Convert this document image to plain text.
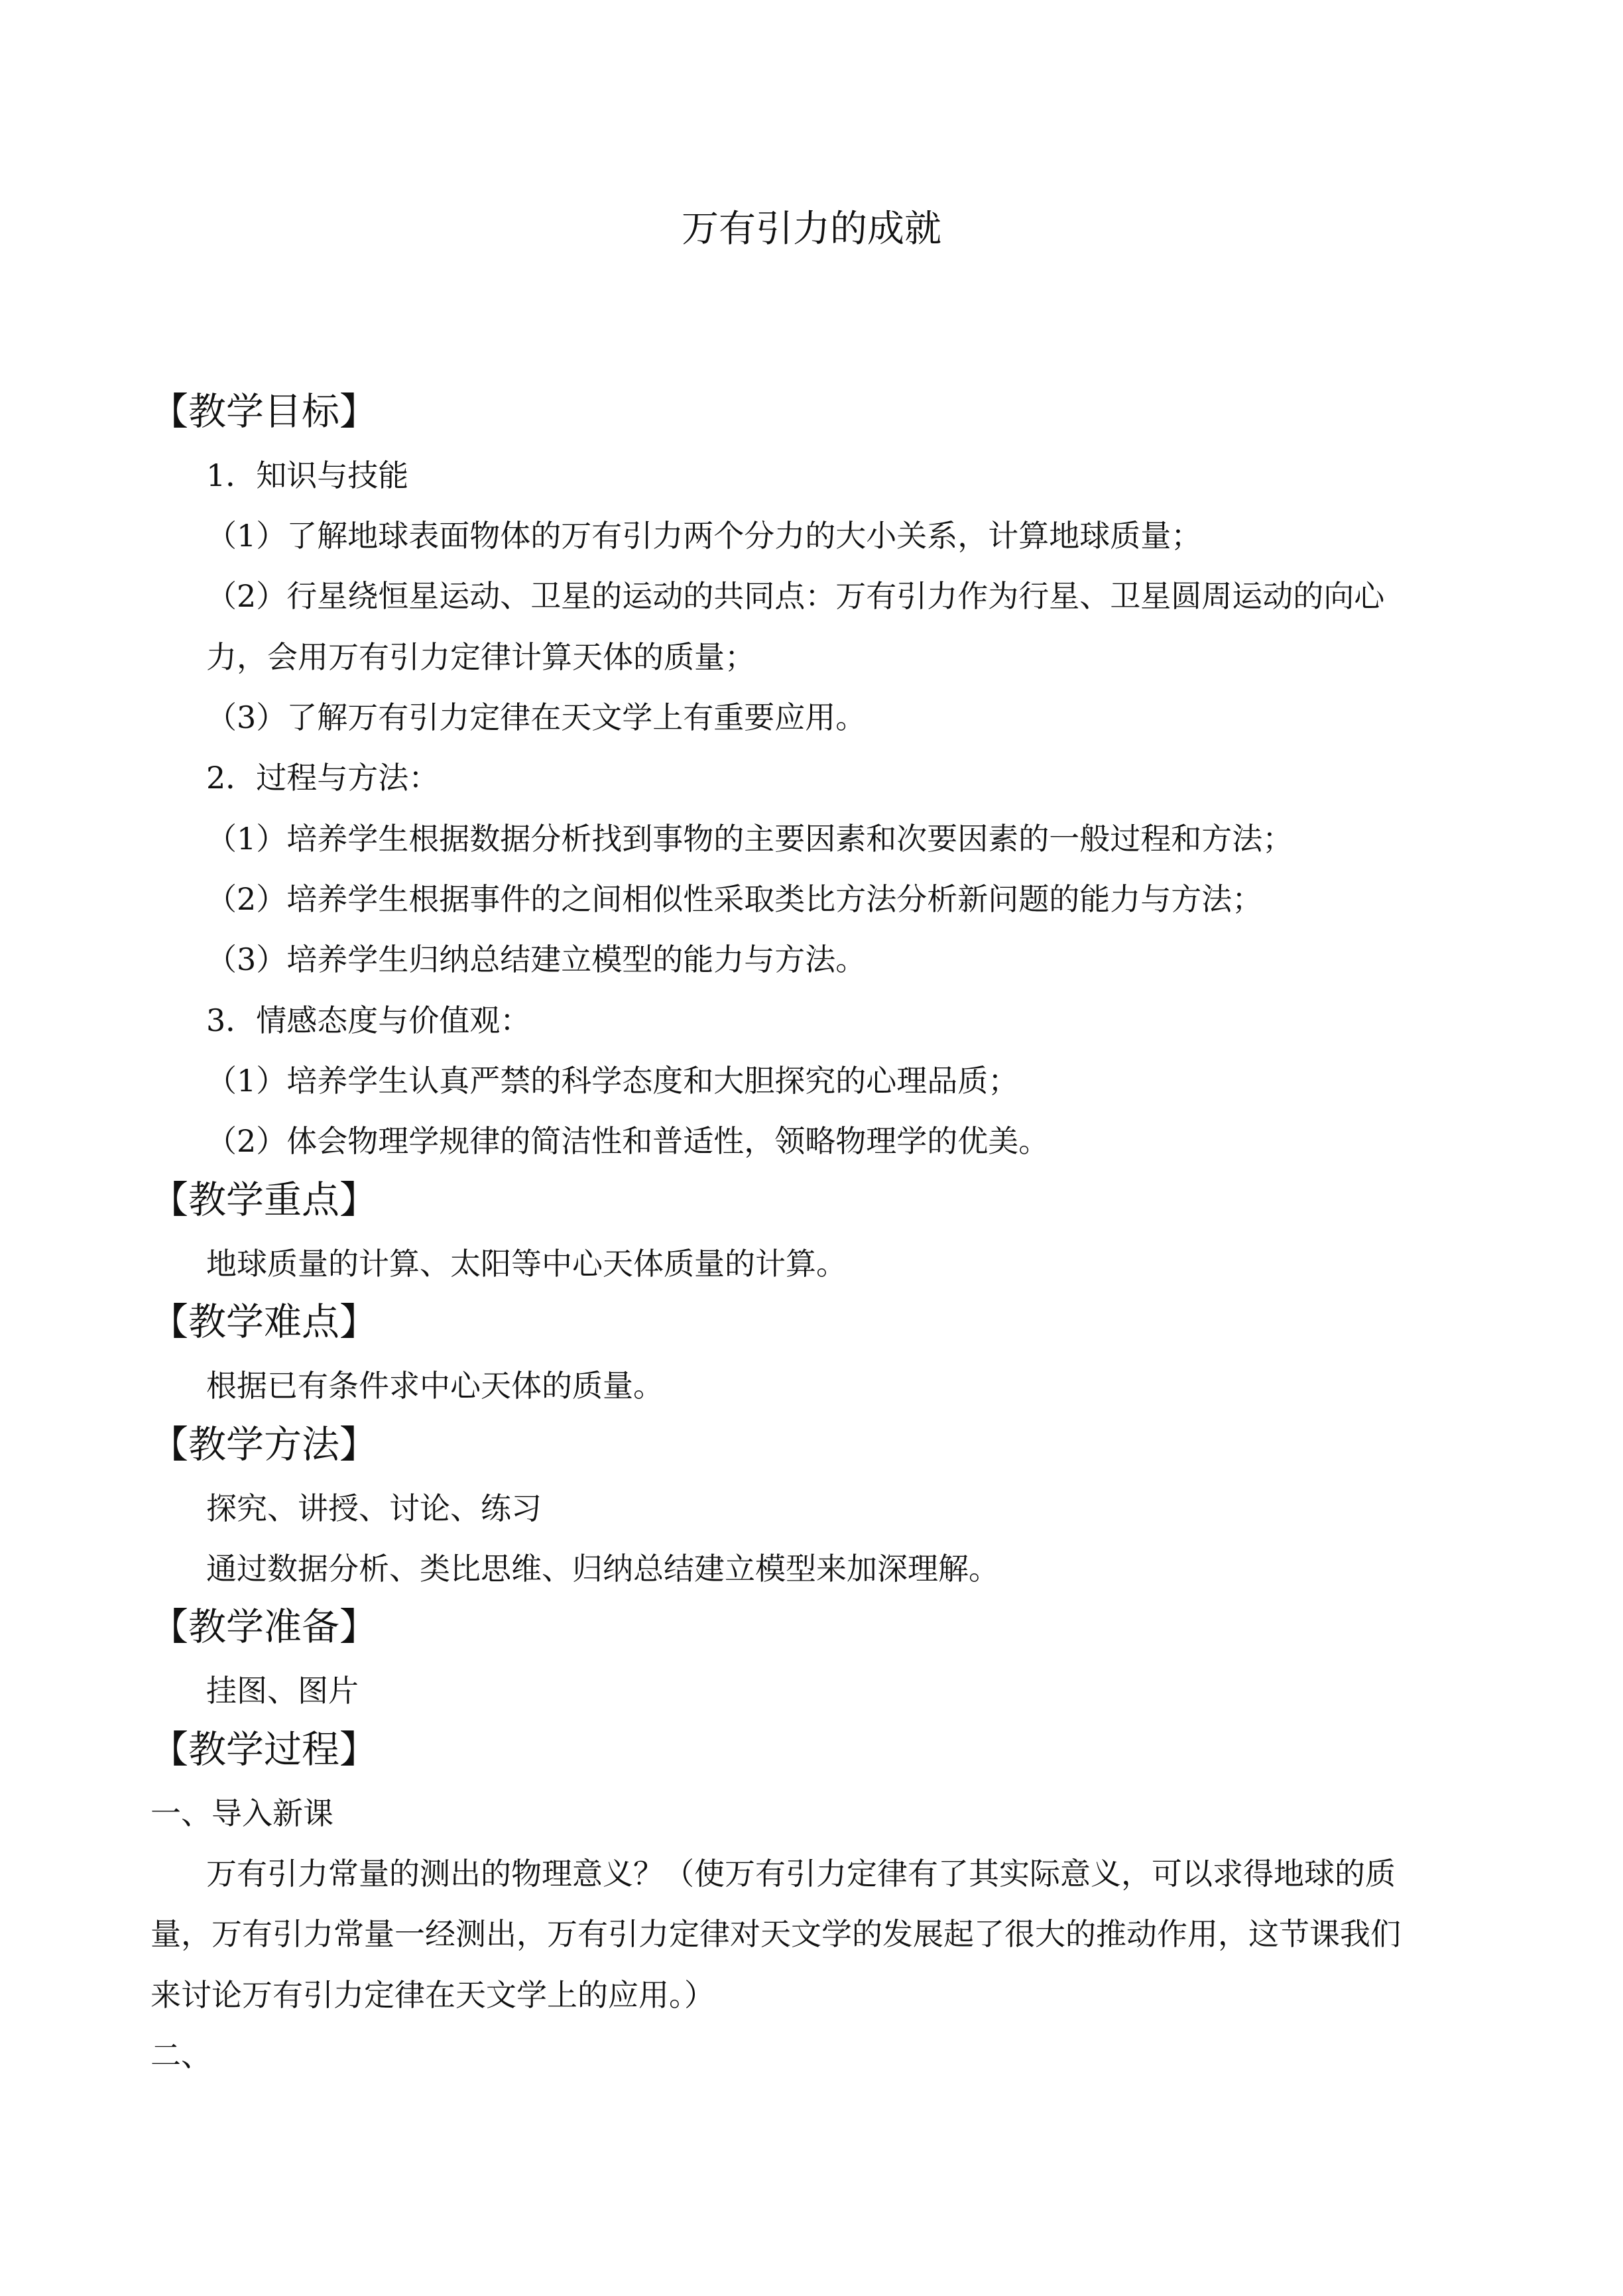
万有引力的成就
【教学目标】
1．知识与技能
（1）了解地球表面物体的万有引力两个分力的大小关系，计算地球质量；
（2）行星绕恒星运动、卫星的运动的共同点：万有引力作为行星、卫星圆周运动的向心
力，会用万有引力定律计算天体的质量；
（3）了解万有引力定律在天文学上有重要应用。
2．过程与方法：
（1）培养学生根据数据分析找到事物的主要因素和次要因素的一般过程和方法；
（2）培养学生根据事件的之间相似性采取类比方法分析新问题的能力与方法；
（3）培养学生归纳总结建立模型的能力与方法。
3．情感态度与价值观：
（1）培养学生认真严禁的科学态度和大胆探究的心理品质；
（2）体会物理学规律的简洁性和普适性，领略物理学的优美。
【教学重点】
地球质量的计算、太阳等中心天体质量的计算。
【教学难点】
根据已有条件求中心天体的质量。
【教学方法】
探究、讲授、讨论、练习
通过数据分析、类比思维、归纳总结建立模型来加深理解。
【教学准备】
挂图、图片
【教学过程】
一、导入新课
万有引力常量的测出的物理意义？（使万有引力定律有了其实际意义，可以求得地球的质
量，万有引力常量一经测出，万有引力定律对天文学的发展起了很大的推动作用，这节课我们
来讨论万有引力定律在天文学上的应用。）
二、
